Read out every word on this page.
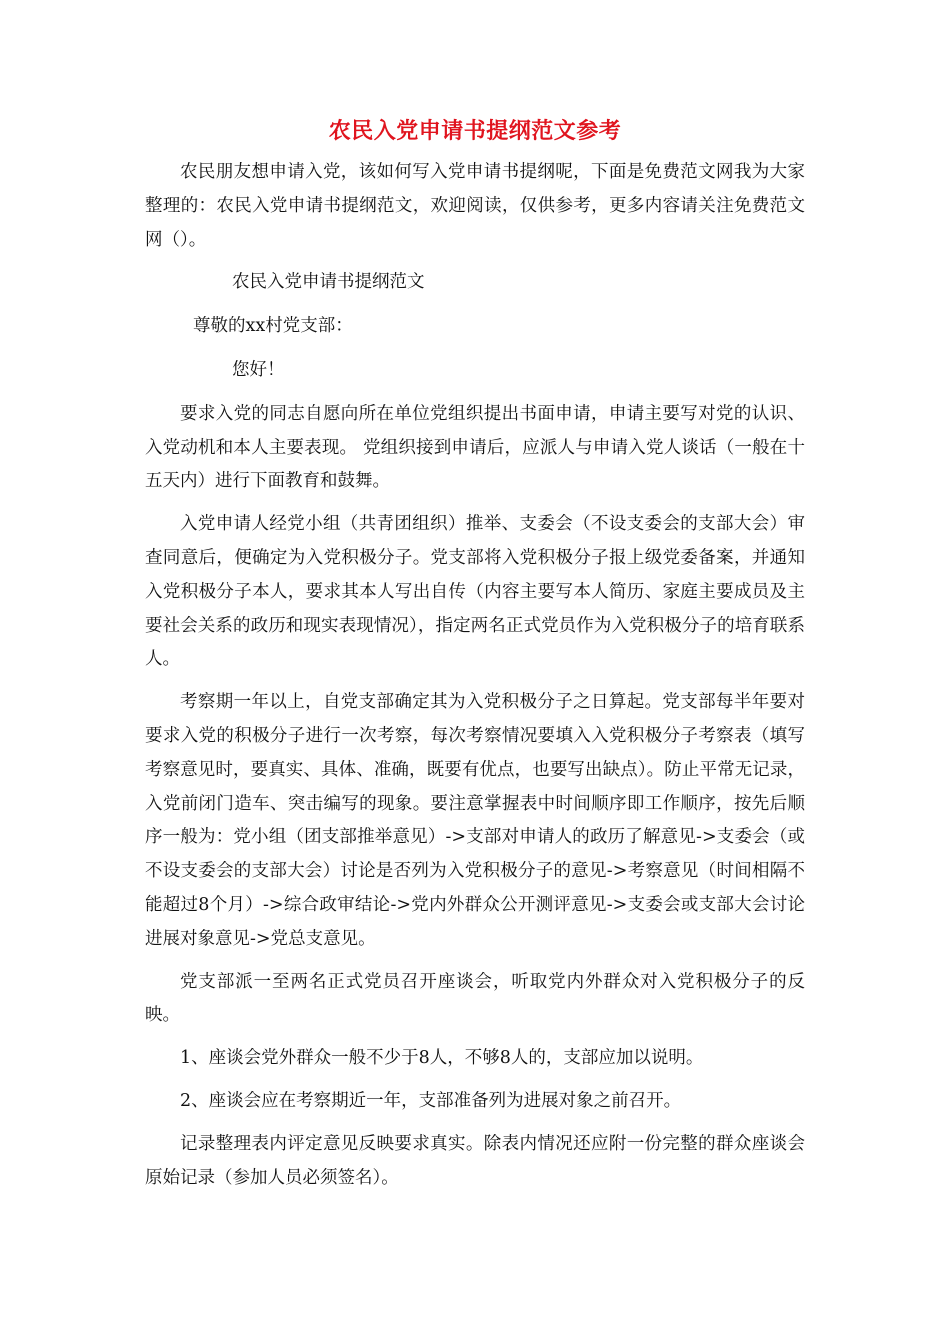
农民入党申请书提纲范文参考

农民朋友想申请入党，该如何写入党申请书提纲呢，下面是免费范文网我为大家整理的：农民入党申请书提纲范文，欢迎阅读，仅供参考，更多内容请关注免费范文网（）。

农民入党申请书提纲范文

尊敬的xx村党支部：

您好！

要求入党的同志自愿向所在单位党组织提出书面申请，申请主要写对党的认识、入党动机和本人主要表现。 党组织接到申请后，应派人与申请入党人谈话（一般在十五天内）进行下面教育和鼓舞。

入党申请人经党小组（共青团组织）推举、支委会（不设支委会的支部大会）审查同意后，便确定为入党积极分子。党支部将入党积极分子报上级党委备案，并通知入党积极分子本人，要求其本人写出自传（内容主要写本人简历、家庭主要成员及主要社会关系的政历和现实表现情况），指定两名正式党员作为入党积极分子的培育联系人。

考察期一年以上，自党支部确定其为入党积极分子之日算起。党支部每半年要对要求入党的积极分子进行一次考察，每次考察情况要填入入党积极分子考察表（填写考察意见时，要真实、具体、准确，既要有优点，也要写出缺点）。防止平常无记录，入党前闭门造车、突击编写的现象。要注意掌握表中时间顺序即工作顺序，按先后顺序一般为：党小组（团支部推举意见）->支部对申请人的政历了解意见->支委会（或不设支委会的支部大会）讨论是否列为入党积极分子的意见->考察意见（时间相隔不能超过8个月）->综合政审结论->党内外群众公开测评意见->支委会或支部大会讨论进展对象意见->党总支意见。

党支部派一至两名正式党员召开座谈会，听取党内外群众对入党积极分子的反映。

1、座谈会党外群众一般不少于8人，不够8人的，支部应加以说明。

2、座谈会应在考察期近一年，支部准备列为进展对象之前召开。

记录整理表内评定意见反映要求真实。除表内情况还应附一份完整的群众座谈会原始记录（参加人员必须签名）。
